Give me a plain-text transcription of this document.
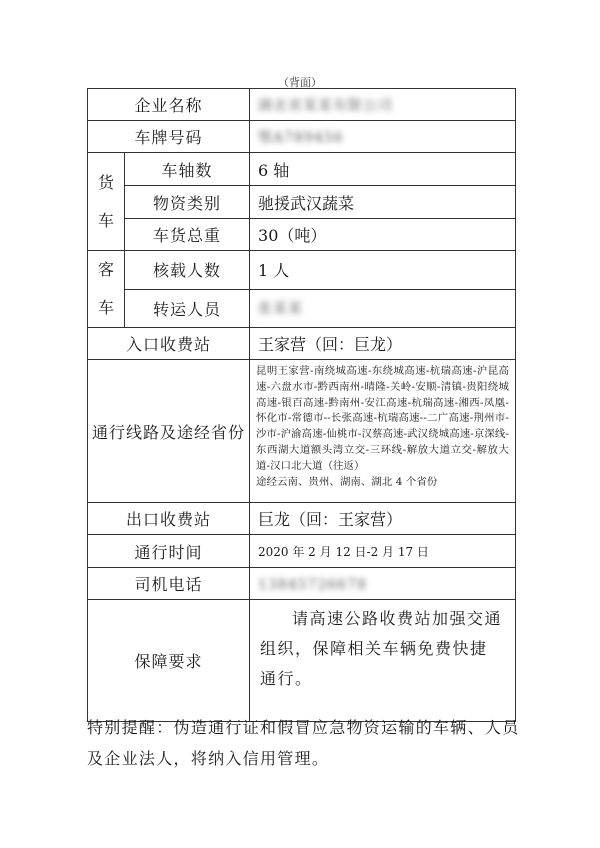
（背面）
企业名称		湖北省某某有限公司
车牌号码		鄂A789456
货
车	车轴数	6 轴
	物资类别	驰援武汉蔬菜
	车货总重	30（吨）
客
车	核载人数	1 人
	转运人员	张某某
入口收费站		王家营（回：巨龙）
通行线路及途经省份		昆明王家营-南绕城高速-东绕城高速-杭瑞高速-沪昆高速-六盘水市-黔西南州-晴隆-关岭-安顺-清镇-贵阳绕城高速-银百高速-黔南州-安江高速-杭瑞高速-湘西-凤凰-怀化市-常德市--长张高速-杭瑞高速--二广高速-荆州市-沙市-沪渝高速-仙桃市-汉蔡高速-武汉绕城高速-京深线-东西湖大道额头湾立交-三环线-解放大道立交-解放大道-汉口北大道（往返）
途经云南、贵州、湖南、湖北 4 个省份

出口收费站		巨龙（回：王家营）
通行时间		2020 年 2 月 12 日-2 月 17 日
司机电话		13845726678
保障要求		请高速公路收费站加强交通组织，保障相关车辆免费快捷通行。
特别提醒：伪造通行证和假冒应急物资运输的车辆、人员及企业法人，将纳入信用管理。
